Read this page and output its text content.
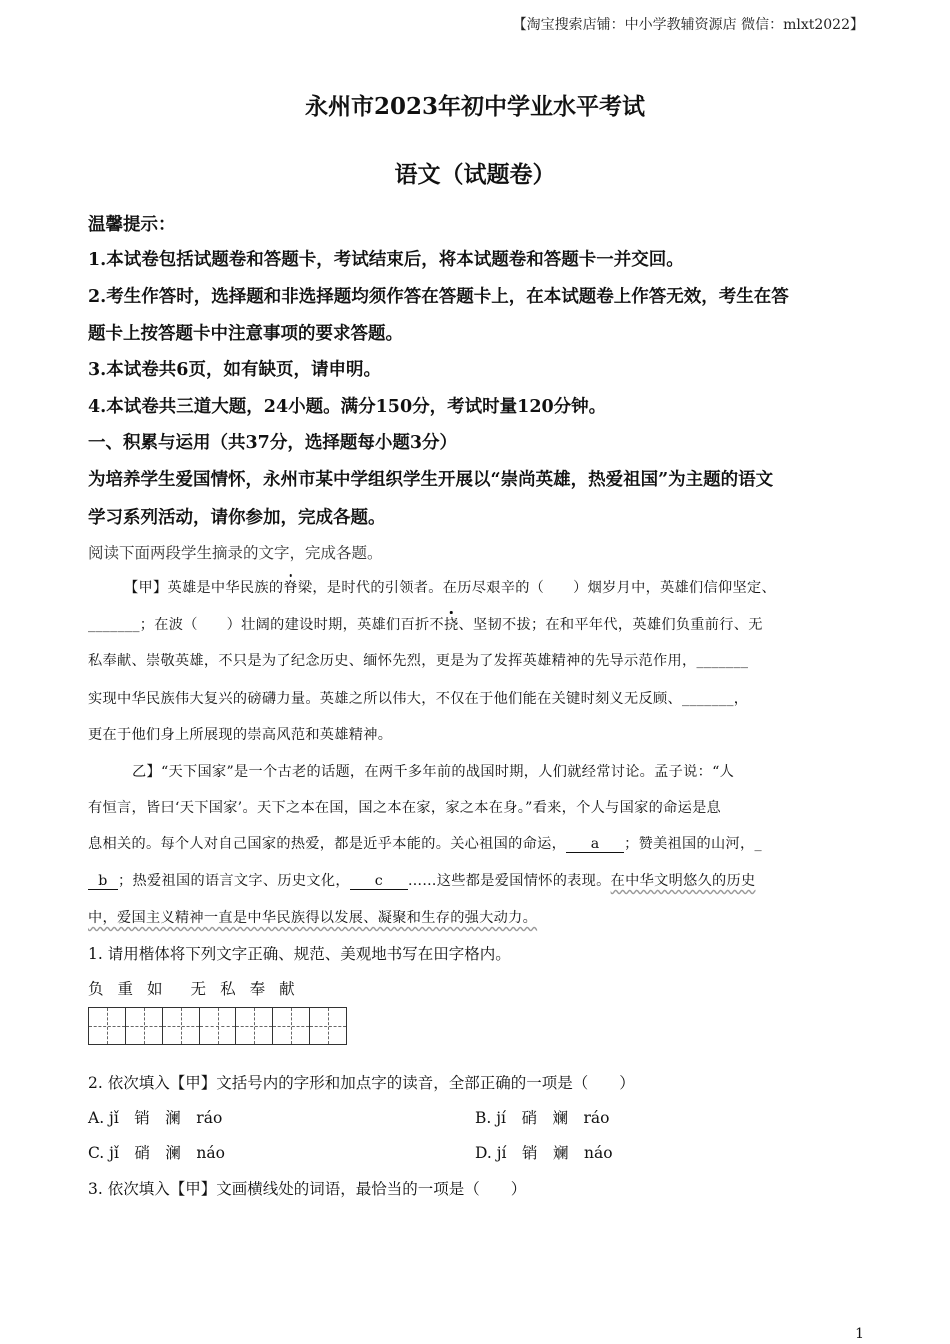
【淘宝搜索店铺：中小学教辅资源店 微信：mlxt2022】
永州市2023年初中学业水平考试
语文（试题卷）
温馨提示：
1.本试卷包括试题卷和答题卡，考试结束后，将本试题卷和答题卡一并交回。
2.考生作答时，选择题和非选择题均须作答在答题卡上，在本试题卷上作答无效，考生在答
题卡上按答题卡中注意事项的要求答题。
3.本试卷共6页，如有缺页，请申明。
4.本试卷共三道大题，24小题。满分150分，考试时量120分钟。
一、积累与运用（共37分，选择题每小题3分）
为培养学生爱国情怀，永州市某中学组织学生开展以“崇尚英雄，热爱祖国”为主题的语文
学习系列活动，请你参加，完成各题。
阅读下面两段学生摘录的文字，完成各题。
【甲】英雄是中华民族的脊梁，是时代的引领者。在历尽艰辛的（　　）烟岁月中，英雄们信仰坚定、
_______；在波（　　）壮阔的建设时期，英雄们百折不挠、坚韧不拔；在和平年代，英雄们负重前行、无
私奉献、崇敬英雄，不只是为了纪念历史、缅怀先烈，更是为了发挥英雄精神的先导示范作用，_______
实现中华民族伟大复兴的磅礴力量。英雄之所以伟大，不仅在于他们能在关键时刻义无反顾、_______，
更在于他们身上所展现的崇高风范和英雄精神。
乙】“天下国家”是一个古老的话题，在两千多年前的战国时期，人们就经常讨论。孟子说：“人
有恒言，皆曰‘天下国家’。天下之本在国，国之本在家，家之本在身。”看来，个人与国家的命运是息
息相关的。每个人对自己国家的热爱，都是近乎本能的。关心祖国的命运， a ；赞美祖国的山河，_
b ；热爱祖国的语言文字、历史文化， c ……这些都是爱国情怀的表现。在中华文明悠久的历史
中，爱国主义精神一直是中华民族得以发展、凝聚和生存的强大动力。
1. 请用楷体将下列文字正确、规范、美观地书写在田字格内。
负 重 如 无 私 奉 献
2. 依次填入【甲】文括号内的字形和加点字的读音，全部正确的一项是（　　）
A. jǐ　销　澜　ráo	B. jí　硝　斓　ráo
C. jǐ　硝　澜　náo	D. jí　销　斓　náo
3. 依次填入【甲】文画横线处的词语，最恰当的一项是（　　）
1
